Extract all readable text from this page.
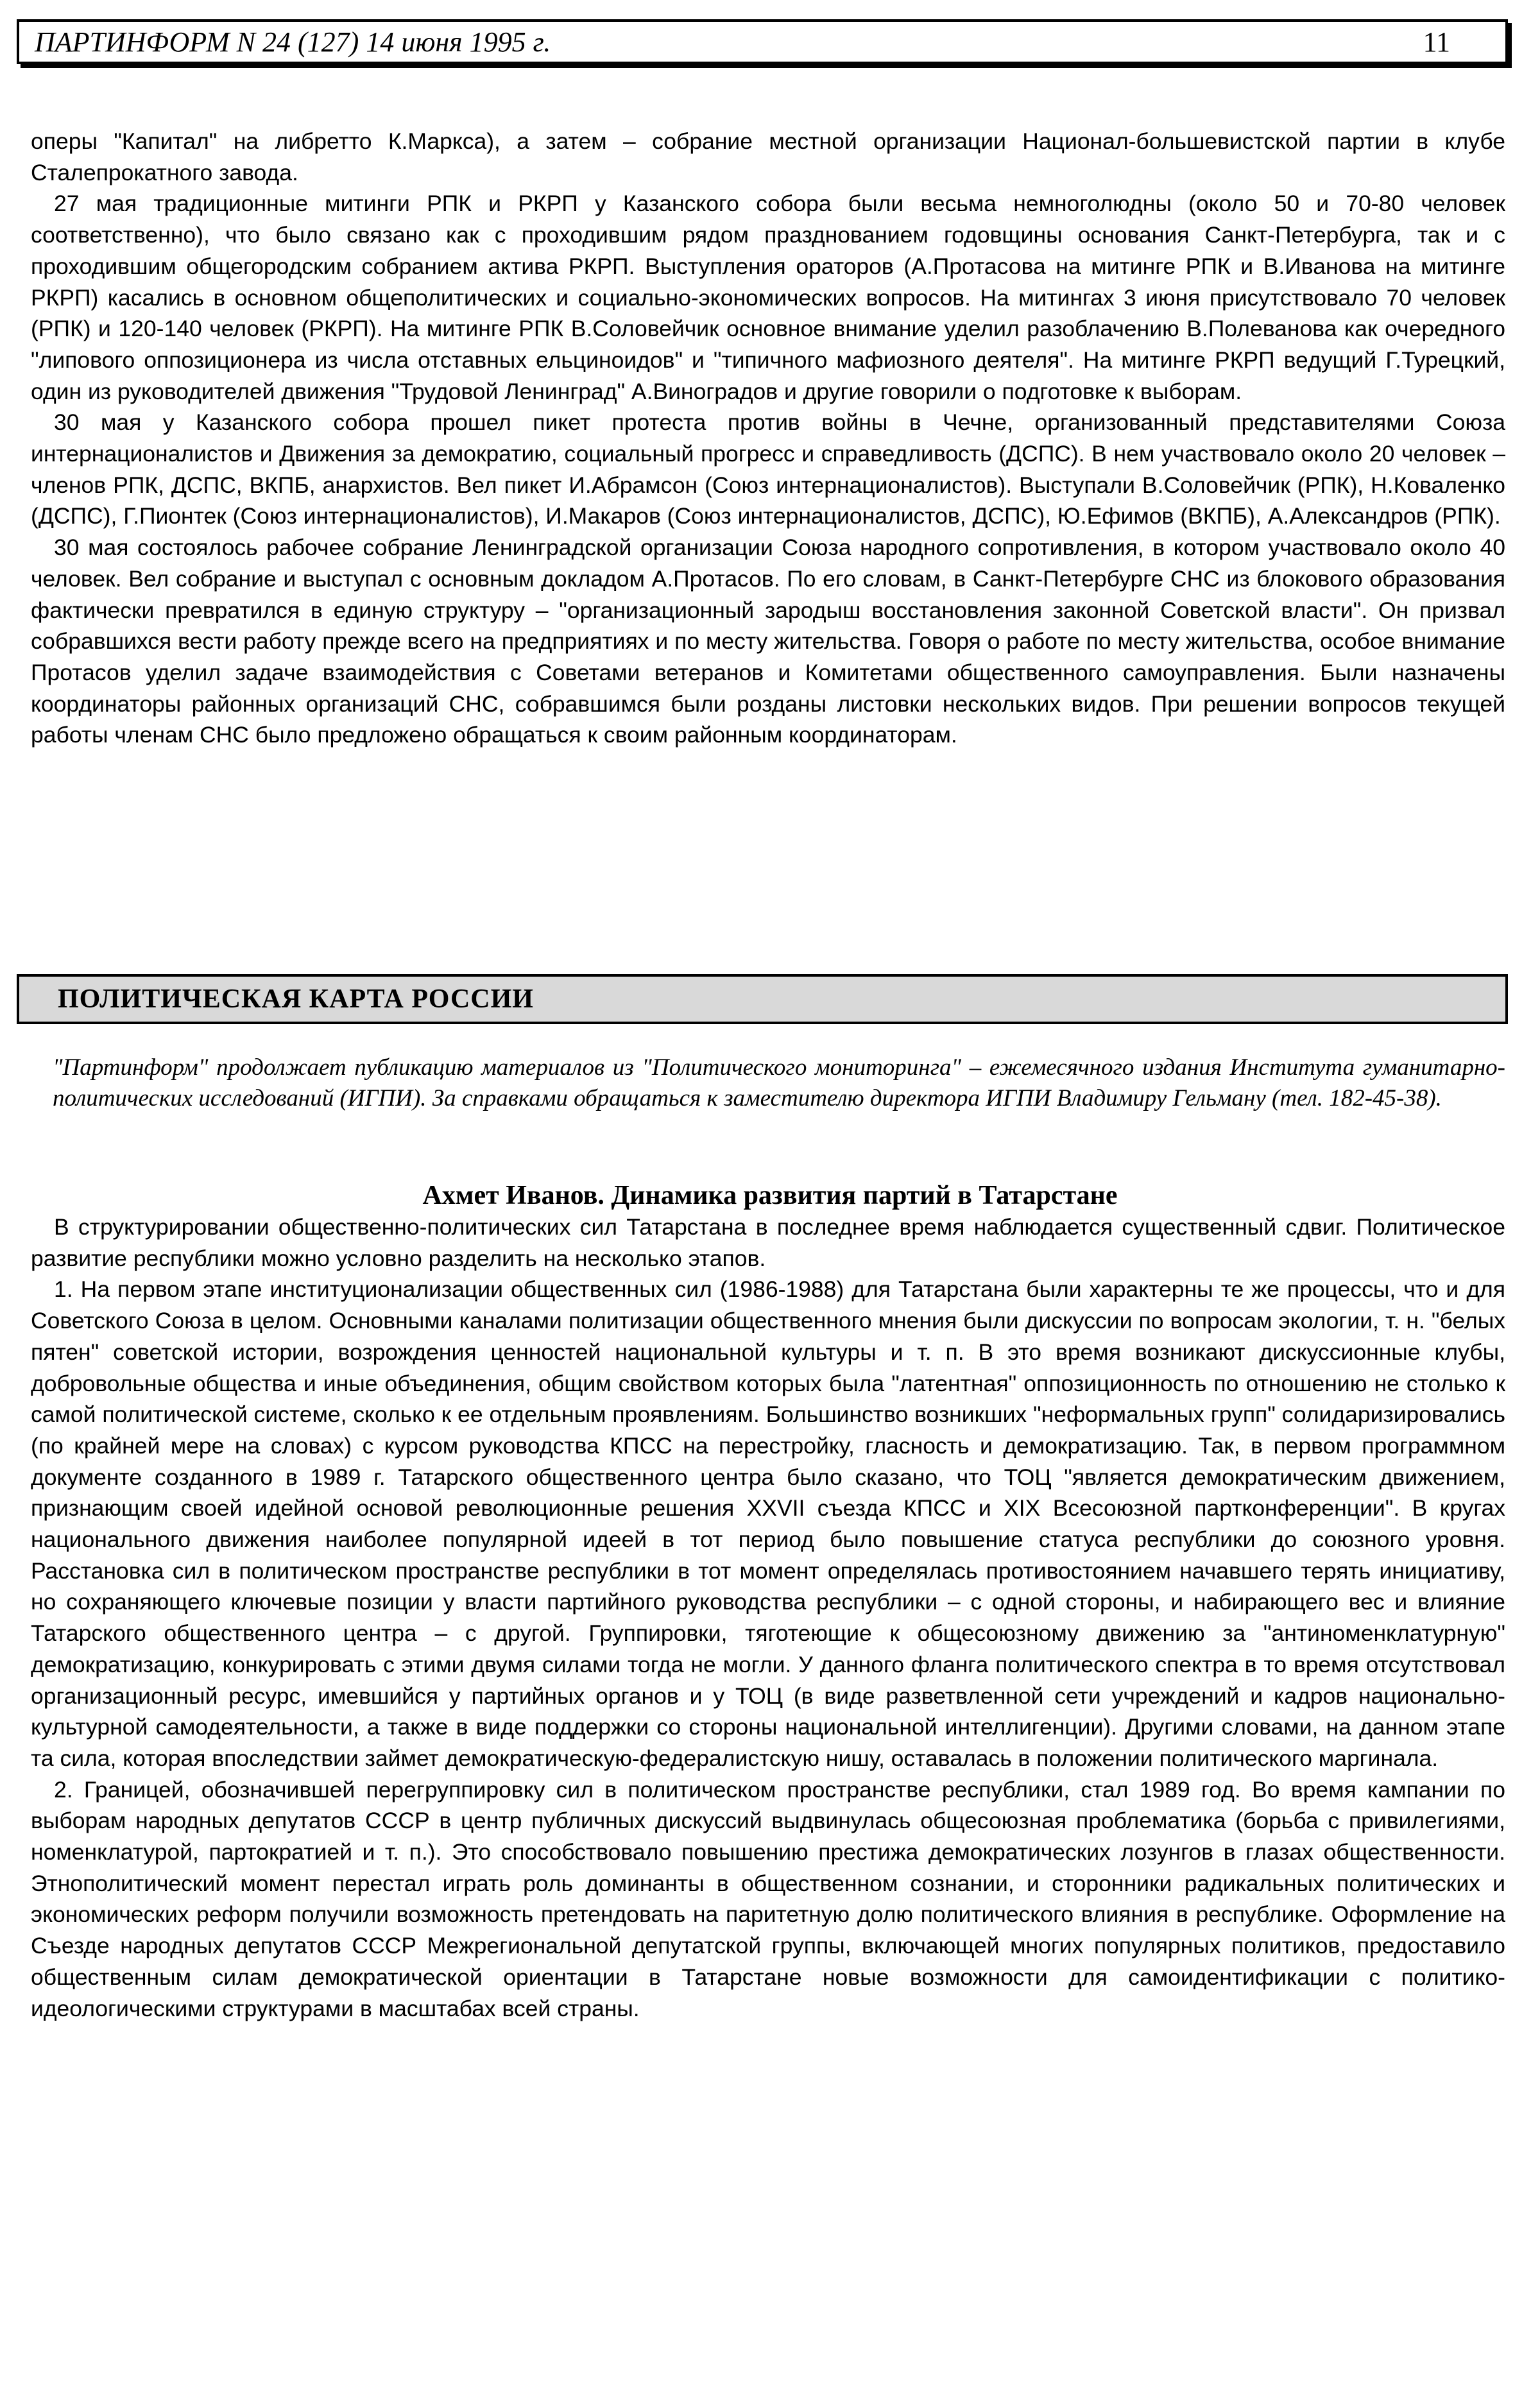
ПАРТИНФОРМ N 24 (127) 14 июня 1995 г.	11

оперы "Капитал" на либретто К.Маркса), а затем – собрание местной организации Национал-большевистской партии в клубе Сталепрокатного завода.

27 мая традиционные митинги РПК и РКРП у Казанского собора были весьма немноголюдны (около 50 и 70-80 человек соответственно), что было связано как с проходившим рядом празднованием годовщины основания Санкт-Петербурга, так и с проходившим общегородским собранием актива РКРП. Выступления ораторов (А.Протасова на митинге РПК и В.Иванова на митинге РКРП) касались в основном общеполитических и социально-экономических вопросов. На митингах 3 июня присутствовало 70 человек (РПК) и 120-140 человек (РКРП). На митинге РПК В.Соловейчик основное внимание уделил разоблачению В.Полеванова как очередного "липового оппозиционера из числа отставных ельциноидов" и "типичного мафиозного деятеля". На митинге РКРП ведущий Г.Турецкий, один из руководителей движения "Трудовой Ленинград" А.Виноградов и другие говорили о подготовке к выборам.

30 мая у Казанского собора прошел пикет протеста против войны в Чечне, организованный представителями Союза интернационалистов и Движения за демократию, социальный прогресс и справедливость (ДСПС). В нем участвовало около 20 человек – членов РПК, ДСПС, ВКПБ, анархистов. Вел пикет И.Абрамсон (Союз интернационалистов). Выступали В.Соловейчик (РПК), Н.Коваленко (ДСПС), Г.Пионтек (Союз интернационалистов), И.Макаров (Союз интернационалистов, ДСПС), Ю.Ефимов (ВКПБ), А.Александров (РПК).

30 мая состоялось рабочее собрание Ленинградской организации Союза народного сопротивления, в котором участвовало около 40 человек. Вел собрание и выступал с основным докладом А.Протасов. По его словам, в Санкт-Петербурге СНС из блокового образования фактически превратился в единую структуру – "организационный зародыш восстановления законной Советской власти". Он призвал собравшихся вести работу прежде всего на предприятиях и по месту жительства. Говоря о работе по месту жительства, особое внимание Протасов уделил задаче взаимодействия с Советами ветеранов и Комитетами общественного самоуправления. Были назначены координаторы районных организаций СНС, собравшимся были розданы листовки нескольких видов. При решении вопросов текущей работы членам СНС было предложено обращаться к своим районным координаторам.

ПОЛИТИЧЕСКАЯ КАРТА РОССИИ
"Партинформ" продолжает публикацию материалов из "Политического мониторинга" – ежемесячного издания Института гуманитарно-политических исследований (ИГПИ). За справками обращаться к заместителю директора ИГПИ Владимиру Гельману (тел. 182-45-38).
Ахмет Иванов. Динамика развития партий в Татарстане

В структурировании общественно-политических сил Татарстана в последнее время наблюдается существенный сдвиг. Политическое развитие республики можно условно разделить на несколько этапов.

1. На первом этапе институционализации общественных сил (1986-1988) для Татарстана были характерны те же процессы, что и для Советского Союза в целом. Основными каналами политизации общественного мнения были дискуссии по вопросам экологии, т. н. "белых пятен" советской истории, возрождения ценностей национальной культуры и т. п. В это время возникают дискуссионные клубы, добровольные общества и иные объединения, общим свойством которых была "латентная" оппозиционность по отношению не столько к самой политической системе, сколько к ее отдельным проявлениям. Большинство возникших "неформальных групп" солидаризировались (по крайней мере на словах) с курсом руководства КПСС на перестройку, гласность и демократизацию. Так, в первом программном документе созданного в 1989 г. Татарского общественного центра было сказано, что ТОЦ "является демократическим движением, признающим своей идейной основой революционные решения XXVII съезда КПСС и XIX Всесоюзной партконференции". В кругах национального движения наиболее популярной идеей в тот период было повышение статуса республики до союзного уровня. Расстановка сил в политическом пространстве республики в тот момент определялась противостоянием начавшего терять инициативу, но сохраняющего ключевые позиции у власти партийного руководства республики – с одной стороны, и набирающего вес и влияние Татарского общественного центра – с другой. Группировки, тяготеющие к общесоюзному движению за "антиноменклатурную" демократизацию, конкурировать с этими двумя силами тогда не могли. У данного фланга политического спектра в то время отсутствовал организационный ресурс, имевшийся у партийных органов и у ТОЦ (в виде разветвленной сети учреждений и кадров национально-культурной самодеятельности, а также в виде поддержки со стороны национальной интеллигенции). Другими словами, на данном этапе та сила, которая впоследствии займет демократическую-федералистскую нишу, оставалась в положении политического маргинала.

2. Границей, обозначившей перегруппировку сил в политическом пространстве республики, стал 1989 год. Во время кампании по выборам народных депутатов СССР в центр публичных дискуссий выдвинулась общесоюзная проблематика (борьба с привилегиями, номенклатурой, партократией и т. п.). Это способствовало повышению престижа демократических лозунгов в глазах общественности. Этнополитический момент перестал играть роль доминанты в общественном сознании, и сторонники радикальных политических и экономических реформ получили возможность претендовать на паритетную долю политического влияния в республике. Оформление на Съезде народных депутатов СССР Межрегиональной депутатской группы, включающей многих популярных политиков, предоставило общественным силам демократической ориентации в Татарстане новые возможности для самоидентификации с политико-идеологическими структурами в масштабах всей страны.
